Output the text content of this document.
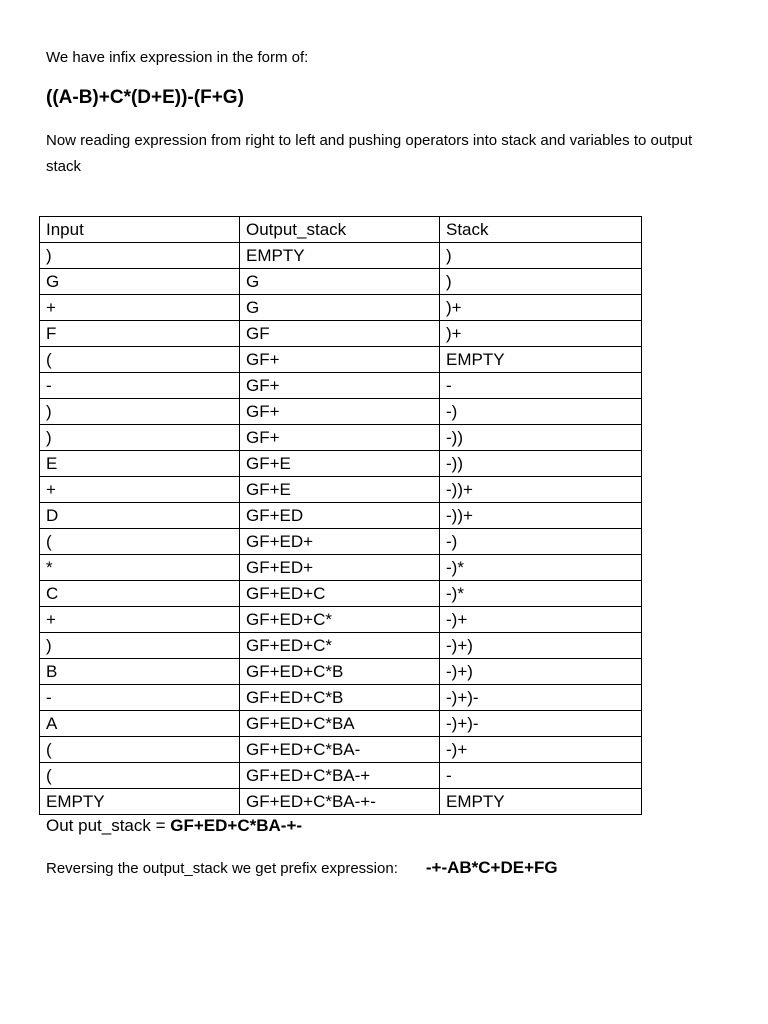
We have infix expression in the form of:
((A-B)+C*(D+E))-(F+G)
Now reading expression from right to left and pushing operators into stack and variables to output stack
Input	Output_stack	Stack
)	EMPTY	)
G	G	)
+	G	)+
F	GF	)+
(	GF+	EMPTY
-	GF+	-
)	GF+	-)
)	GF+	-))
E	GF+E	-))
+	GF+E	-))+
D	GF+ED	-))+
(	GF+ED+	-)
*	GF+ED+	-)*
C	GF+ED+C	-)*
+	GF+ED+C*	-)+
)	GF+ED+C*	-)+)
B	GF+ED+C*B	-)+)
-	GF+ED+C*B	-)+)-
A	GF+ED+C*BA	-)+)-
(	GF+ED+C*BA-	-)+
(	GF+ED+C*BA-+	-
EMPTY	GF+ED+C*BA-+-	EMPTY
Out put_stack = GF+ED+C*BA-+-
Reversing the output_stack we get prefix expression: -+-AB*C+DE+FG
